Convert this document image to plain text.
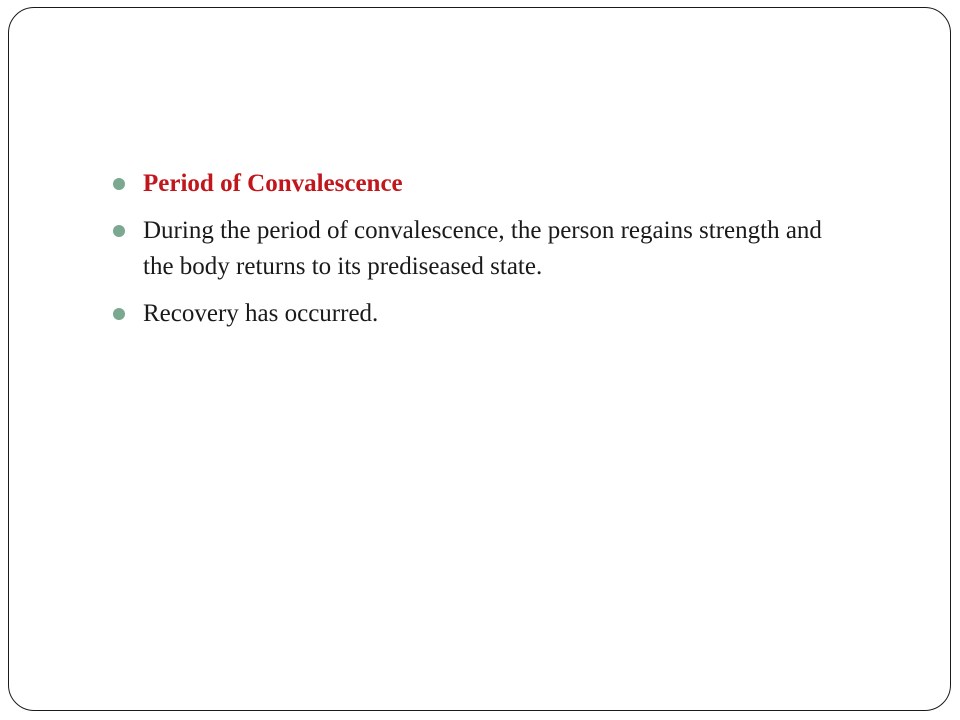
Period of Convalescence
During the period of convalescence, the person regains strength and the body returns to its prediseased state.
Recovery has occurred.
